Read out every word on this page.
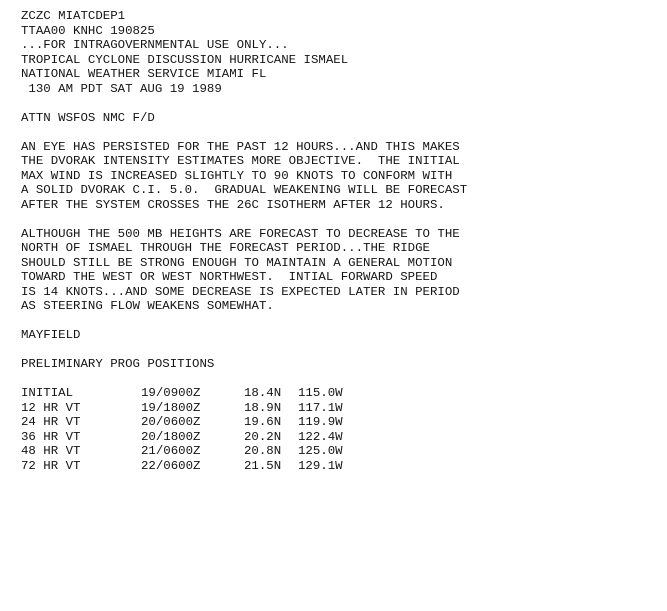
ZCZC MIATCDEP1
TTAA00 KNHC 190825
...FOR INTRAGOVERNMENTAL USE ONLY...
TROPICAL CYCLONE DISCUSSION HURRICANE ISMAEL
NATIONAL WEATHER SERVICE MIAMI FL
130 AM PDT SAT AUG 19 1989
ATTN WSFOS NMC F/D
AN EYE HAS PERSISTED FOR THE PAST 12 HOURS...AND THIS MAKES
THE DVORAK INTENSITY ESTIMATES MORE OBJECTIVE.  THE INITIAL
MAX WIND IS INCREASED SLIGHTLY TO 90 KNOTS TO CONFORM WITH
A SOLID DVORAK C.I. 5.0.  GRADUAL WEAKENING WILL BE FORECAST
AFTER THE SYSTEM CROSSES THE 26C ISOTHERM AFTER 12 HOURS.
ALTHOUGH THE 500 MB HEIGHTS ARE FORECAST TO DECREASE TO THE
NORTH OF ISMAEL THROUGH THE FORECAST PERIOD...THE RIDGE
SHOULD STILL BE STRONG ENOUGH TO MAINTAIN A GENERAL MOTION
TOWARD THE WEST OR WEST NORTHWEST.  INTIAL FORWARD SPEED
IS 14 KNOTS...AND SOME DECREASE IS EXPECTED LATER IN PERIOD
AS STEERING FLOW WEAKENS SOMEWHAT.
MAYFIELD
PRELIMINARY PROG POSITIONS
INITIAL	19/0900Z	18.4N	115.0W
12 HR VT	19/1800Z	18.9N	117.1W
24 HR VT	20/0600Z	19.6N	119.9W
36 HR VT	20/1800Z	20.2N	122.4W
48 HR VT	21/0600Z	20.8N	125.0W
72 HR VT	22/0600Z	21.5N	129.1W
